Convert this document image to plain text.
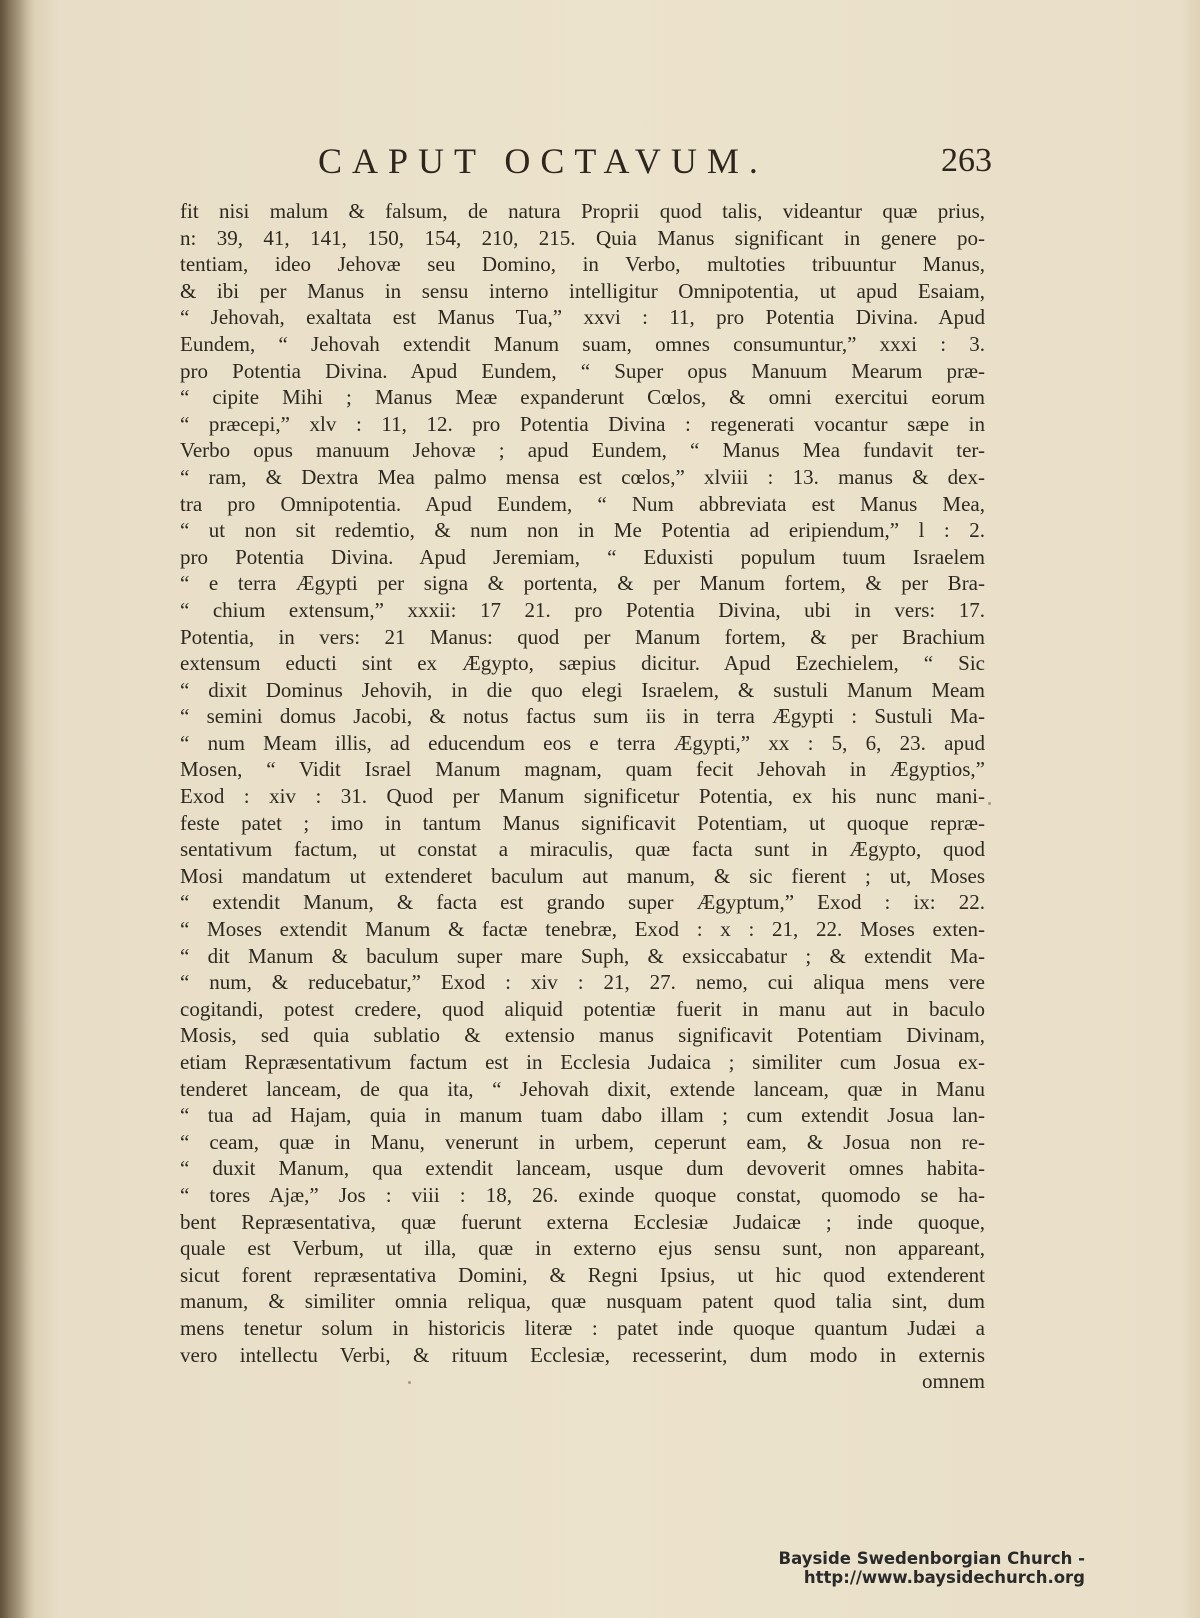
CAPUT OCTAVUM.	263
fit nisi malum & falsum, de natura Proprii quod talis, videantur quæ prius,
n: 39, 41, 141, 150, 154, 210, 215. Quia Manus significant in genere po-
tentiam, ideo Jehovæ seu Domino, in Verbo, multoties tribuuntur Manus,
& ibi per Manus in sensu interno intelligitur Omnipotentia, ut apud Esaiam,
“ Jehovah, exaltata est Manus Tua,” xxvi : 11, pro Potentia Divina. Apud
Eundem, “ Jehovah extendit Manum suam, omnes consumuntur,” xxxi : 3.
pro Potentia Divina. Apud Eundem, “ Super opus Manuum Mearum præ-
“ cipite Mihi ; Manus Meæ expanderunt Cœlos, & omni exercitui eorum
“ præcepi,” xlv : 11, 12. pro Potentia Divina : regenerati vocantur sæpe in
Verbo opus manuum Jehovæ ; apud Eundem, “ Manus Mea fundavit ter-
“ ram, & Dextra Mea palmo mensa est cœlos,” xlviii : 13. manus & dex-
tra pro Omnipotentia. Apud Eundem, “ Num abbreviata est Manus Mea,
“ ut non sit redemtio, & num non in Me Potentia ad eripiendum,” l : 2.
pro Potentia Divina. Apud Jeremiam, “ Eduxisti populum tuum Israelem
“ e terra Ægypti per signa & portenta, & per Manum fortem, & per Bra-
“ chium extensum,” xxxii: 17 21. pro Potentia Divina, ubi in vers: 17.
Potentia, in vers: 21 Manus: quod per Manum fortem, & per Brachium
extensum educti sint ex Ægypto, sæpius dicitur. Apud Ezechielem, “ Sic
“ dixit Dominus Jehovih, in die quo elegi Israelem, & sustuli Manum Meam
“ semini domus Jacobi, & notus factus sum iis in terra Ægypti : Sustuli Ma-
“ num Meam illis, ad educendum eos e terra Ægypti,” xx : 5, 6, 23. apud
Mosen, “ Vidit Israel Manum magnam, quam fecit Jehovah in Ægyptios,”
Exod : xiv : 31. Quod per Manum significetur Potentia, ex his nunc mani-
feste patet ; imo in tantum Manus significavit Potentiam, ut quoque repræ-
sentativum factum, ut constat a miraculis, quæ facta sunt in Ægypto, quod
Mosi mandatum ut extenderet baculum aut manum, & sic fierent ; ut, Moses
“ extendit Manum, & facta est grando super Ægyptum,” Exod : ix: 22.
“ Moses extendit Manum & factæ tenebræ, Exod : x : 21, 22. Moses exten-
“ dit Manum & baculum super mare Suph, & exsiccabatur ; & extendit Ma-
“ num, & reducebatur,” Exod : xiv : 21, 27. nemo, cui aliqua mens vere
cogitandi, potest credere, quod aliquid potentiæ fuerit in manu aut in baculo
Mosis, sed quia sublatio & extensio manus significavit Potentiam Divinam,
etiam Repræsentativum factum est in Ecclesia Judaica ; similiter cum Josua ex-
tenderet lanceam, de qua ita, “ Jehovah dixit, extende lanceam, quæ in Manu
“ tua ad Hajam, quia in manum tuam dabo illam ; cum extendit Josua lan-
“ ceam, quæ in Manu, venerunt in urbem, ceperunt eam, & Josua non re-
“ duxit Manum, qua extendit lanceam, usque dum devoverit omnes habita-
“ tores Ajæ,” Jos : viii : 18, 26. exinde quoque constat, quomodo se ha-
bent Repræsentativa, quæ fuerunt externa Ecclesiæ Judaicæ ; inde quoque,
quale est Verbum, ut illa, quæ in externo ejus sensu sunt, non appareant,
sicut forent repræsentativa Domini, & Regni Ipsius, ut hic quod extenderent
manum, & similiter omnia reliqua, quæ nusquam patent quod talia sint, dum
mens tenetur solum in historicis literæ : patet inde quoque quantum Judæi a
vero intellectu Verbi, & rituum Ecclesiæ, recesserint, dum modo in externis
omnem
Bayside Swedenborgian Church - http://www.baysidechurch.org
